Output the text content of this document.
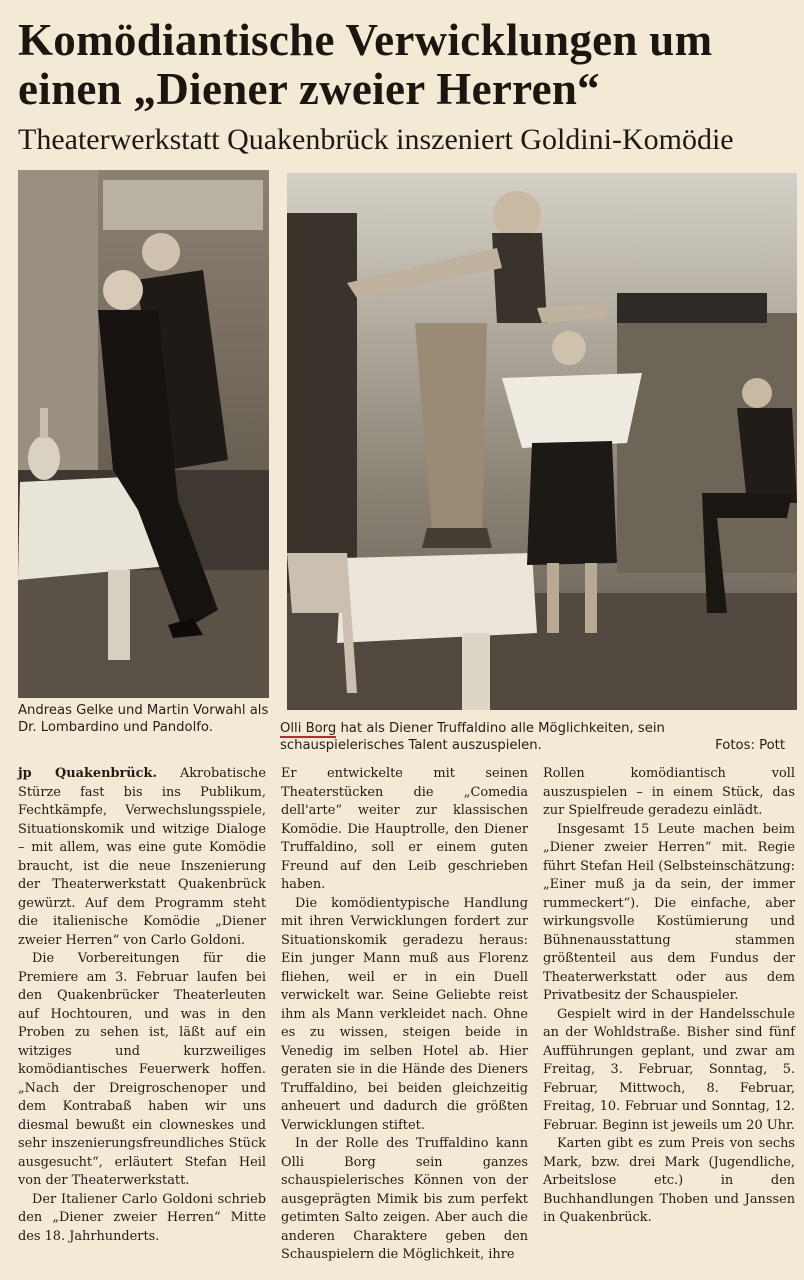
Komödiantische Verwicklungen um
einen „Diener zweier Herren“
Theaterwerkstatt Quakenbrück inszeniert Goldini-Komödie
Andreas Gelke und Martin Vorwahl als Dr. Lombardino und Pandolfo.	Olli Borg hat als Diener Truffaldino alle Möglichkeiten, sein schauspielerisches Talent auszuspielen.	Fotos: Pott

jp Quakenbrück. Akrobatische Stürze fast bis ins Publikum, Fechtkämpfe, Verwechslungsspiele, Situationskomik und witzige Dialoge – mit allem, was eine gute Komödie braucht, ist die neue Inszenierung der Theaterwerkstatt Quakenbrück gewürzt. Auf dem Programm steht die italienische Komödie „Diener zweier Herren“ von Carlo Goldoni.

Die Vorbereitungen für die Premiere am 3. Februar laufen bei den Quakenbrücker Theaterleuten auf Hochtouren, und was in den Proben zu sehen ist, läßt auf ein witziges und kurzweiliges komödiantisches Feuerwerk hoffen. „Nach der Dreigroschenoper und dem Kontrabaß haben wir uns diesmal bewußt ein clowneskes und sehr inszenierungsfreundliches Stück ausgesucht“, erläutert Stefan Heil von der Theaterwerkstatt.

Der Italiener Carlo Goldoni schrieb den „Diener zweier Herren“ Mitte des 18. Jahrhunderts.

Er entwickelte mit seinen Theaterstücken die „Comedia dell'arte“ weiter zur klassischen Komödie. Die Hauptrolle, den Diener Truffaldino, soll er einem guten Freund auf den Leib geschrieben haben.

Die komödientypische Handlung mit ihren Verwicklungen fordert zur Situationskomik geradezu heraus: Ein junger Mann muß aus Florenz fliehen, weil er in ein Duell verwickelt war. Seine Geliebte reist ihm als Mann verkleidet nach. Ohne es zu wissen, steigen beide in Venedig im selben Hotel ab. Hier geraten sie in die Hände des Dieners Truffaldino, bei beiden gleichzeitig anheuert und dadurch die größten Verwicklungen stiftet.

In der Rolle des Truffaldino kann Olli Borg sein ganzes schauspielerisches Können von der ausgeprägten Mimik bis zum perfekt getimten Salto zeigen. Aber auch die anderen Charaktere geben den Schauspielern die Möglichkeit, ihre

Rollen komödiantisch voll auszuspielen – in einem Stück, das zur Spielfreude geradezu einlädt.

Insgesamt 15 Leute machen beim „Diener zweier Herren“ mit. Regie führt Stefan Heil (Selbsteinschätzung: „Einer muß ja da sein, der immer rummeckert“). Die einfache, aber wirkungsvolle Kostümierung und Bühnenausstattung stammen größtenteil aus dem Fundus der Theaterwerkstatt oder aus dem Privatbesitz der Schauspieler.

Gespielt wird in der Handelsschule an der Wohldstraße. Bisher sind fünf Aufführungen geplant, und zwar am Freitag, 3. Februar, Sonntag, 5. Februar, Mittwoch, 8. Februar, Freitag, 10. Februar und Sonntag, 12. Februar. Beginn ist jeweils um 20 Uhr.

Karten gibt es zum Preis von sechs Mark, bzw. drei Mark (Jugendliche, Arbeitslose etc.) in den Buchhandlungen Thoben und Janssen in Quakenbrück.
